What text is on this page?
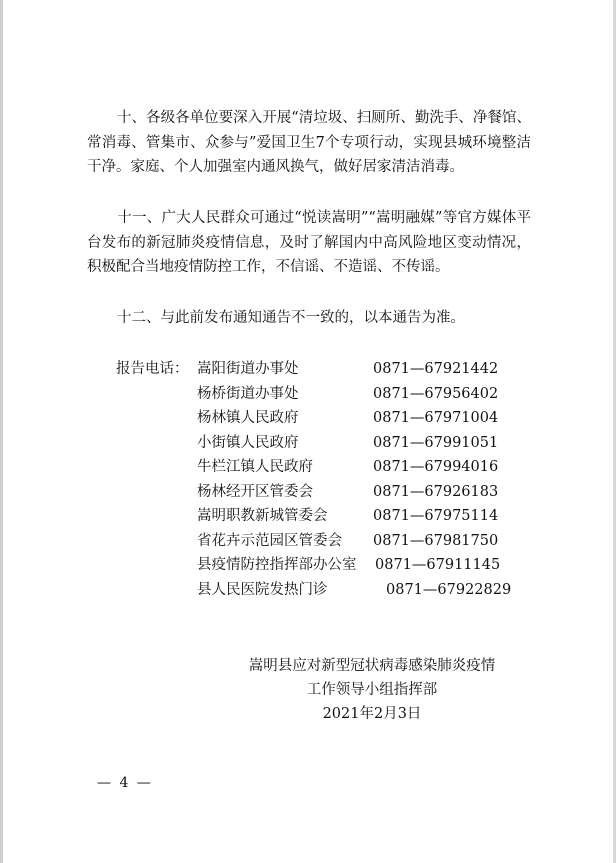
十、各级各单位要深入开展“清垃圾、扫厕所、勤洗手、净餐馆、常消毒、管集市、众参与”爱国卫生7个专项行动，实现县城环境整洁干净。家庭、个人加强室内通风换气，做好居家清洁消毒。

十一、广大人民群众可通过“悦读嵩明”“嵩明融媒”等官方媒体平台发布的新冠肺炎疫情信息，及时了解国内中高风险地区变动情况，积极配合当地疫情防控工作，不信谣、不造谣、不传谣。

十二、与此前发布通知通告不一致的，以本通告为准。

报告电话： 嵩阳街道办事处	0871—67921442
杨桥街道办事处	0871—67956402
杨林镇人民政府	0871—67971004
小街镇人民政府	0871—67991051
牛栏江镇人民政府	0871—67994016
杨林经开区管委会	0871—67926183
嵩明职教新城管委会	0871—67975114
省花卉示范园区管委会 0871—67981750
县疫情防控指挥部办公室 0871—67911145
县人民医院发热门诊	0871—67922829
嵩明县应对新型冠状病毒感染肺炎疫情
工作领导小组指挥部
2021年2月3日
— 4 —
